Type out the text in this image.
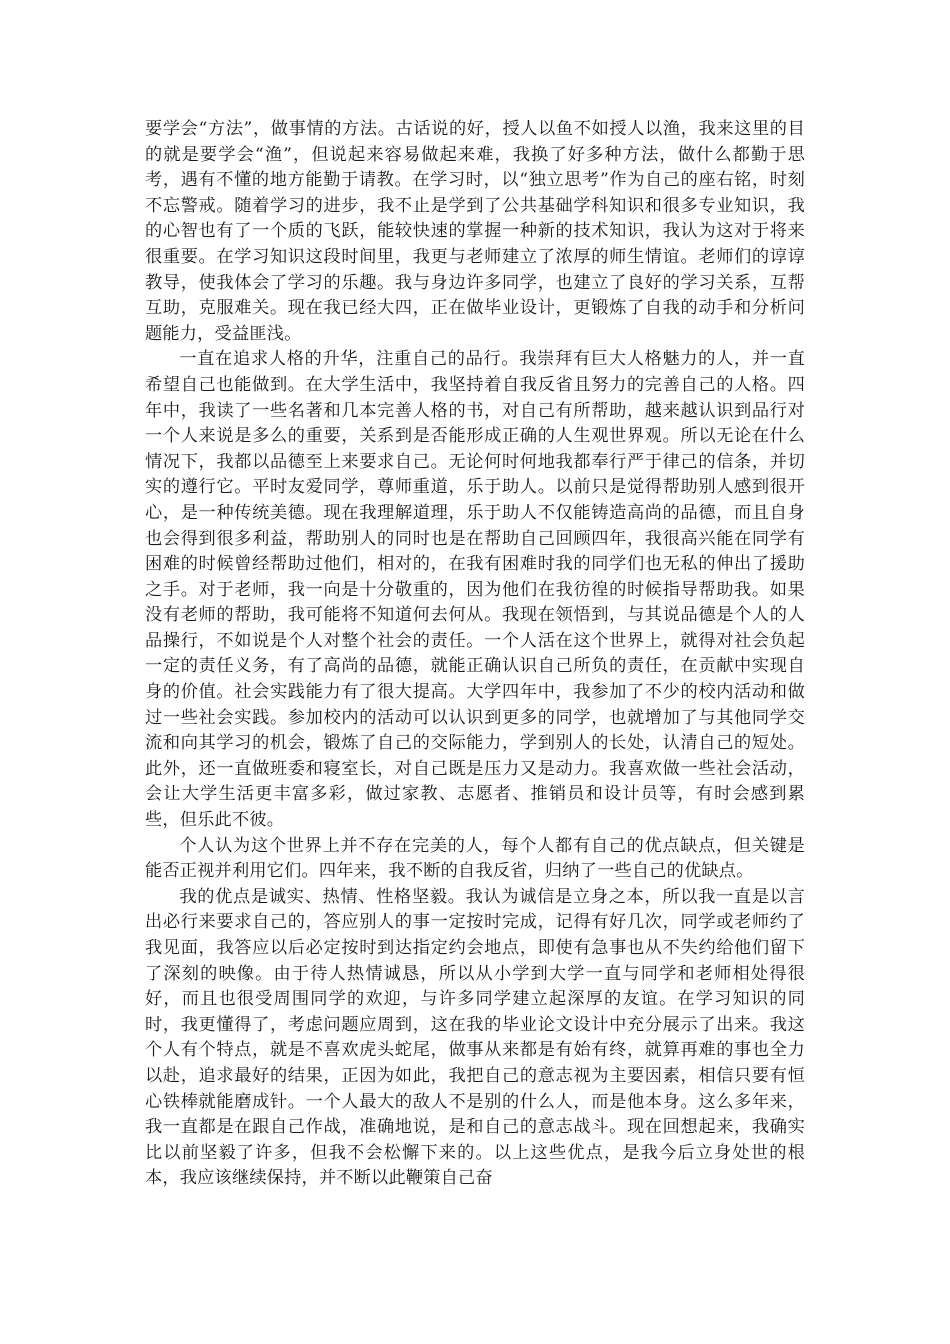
要学会“方法”，做事情的方法。古话说的好，授人以鱼不如授人以渔，我来这里的目的就是要学会“渔”，但说起来容易做起来难，我换了好多种方法，做什么都勤于思考，遇有不懂的地方能勤于请教。在学习时，以“独立思考”作为自己的座右铭，时刻不忘警戒。随着学习的进步，我不止是学到了公共基础学科知识和很多专业知识，我的心智也有了一个质的飞跃，能较快速的掌握一种新的技术知识，我认为这对于将来很重要。在学习知识这段时间里，我更与老师建立了浓厚的师生情谊。老师们的谆谆教导，使我体会了学习的乐趣。我与身边许多同学，也建立了良好的学习关系，互帮互助，克服难关。现在我已经大四，正在做毕业设计，更锻炼了自我的动手和分析问题能力，受益匪浅。

一直在追求人格的升华，注重自己的品行。我崇拜有巨大人格魅力的人，并一直希望自己也能做到。在大学生活中，我坚持着自我反省且努力的完善自己的人格。四年中，我读了一些名著和几本完善人格的书，对自己有所帮助，越来越认识到品行对一个人来说是多么的重要，关系到是否能形成正确的人生观世界观。所以无论在什么情况下，我都以品德至上来要求自己。无论何时何地我都奉行严于律己的信条，并切实的遵行它。平时友爱同学，尊师重道，乐于助人。以前只是觉得帮助别人感到很开心，是一种传统美德。现在我理解道理，乐于助人不仅能铸造高尚的品德，而且自身也会得到很多利益，帮助别人的同时也是在帮助自己回顾四年，我很高兴能在同学有困难的时候曾经帮助过他们，相对的，在我有困难时我的同学们也无私的伸出了援助之手。对于老师，我一向是十分敬重的，因为他们在我彷徨的时候指导帮助我。如果没有老师的帮助，我可能将不知道何去何从。我现在领悟到，与其说品德是个人的人品操行，不如说是个人对整个社会的责任。一个人活在这个世界上，就得对社会负起一定的责任义务，有了高尚的品德，就能正确认识自己所负的责任，在贡献中实现自身的价值。社会实践能力有了很大提高。大学四年中，我参加了不少的校内活动和做过一些社会实践。参加校内的活动可以认识到更多的同学，也就增加了与其他同学交流和向其学习的机会，锻炼了自己的交际能力，学到别人的长处，认清自己的短处。此外，还一直做班委和寝室长，对自己既是压力又是动力。我喜欢做一些社会活动，会让大学生活更丰富多彩，做过家教、志愿者、推销员和设计员等，有时会感到累些，但乐此不彼。

个人认为这个世界上并不存在完美的人，每个人都有自己的优点缺点，但关键是能否正视并利用它们。四年来，我不断的自我反省，归纳了一些自己的优缺点。

我的优点是诚实、热情、性格坚毅。我认为诚信是立身之本，所以我一直是以言出必行来要求自己的，答应别人的事一定按时完成，记得有好几次，同学或老师约了我见面，我答应以后必定按时到达指定约会地点，即使有急事也从不失约给他们留下了深刻的映像。由于待人热情诚恳，所以从小学到大学一直与同学和老师相处得很好，而且也很受周围同学的欢迎，与许多同学建立起深厚的友谊。在学习知识的同时，我更懂得了，考虑问题应周到，这在我的毕业论文设计中充分展示了出来。我这个人有个特点，就是不喜欢虎头蛇尾，做事从来都是有始有终，就算再难的事也全力以赴，追求最好的结果，正因为如此，我把自己的意志视为主要因素，相信只要有恒心铁棒就能磨成针。一个人最大的敌人不是别的什么人，而是他本身。这么多年来，我一直都是在跟自己作战，准确地说，是和自己的意志战斗。现在回想起来，我确实比以前坚毅了许多，但我不会松懈下来的。以上这些优点，是我今后立身处世的根本，我应该继续保持，并不断以此鞭策自己奋
